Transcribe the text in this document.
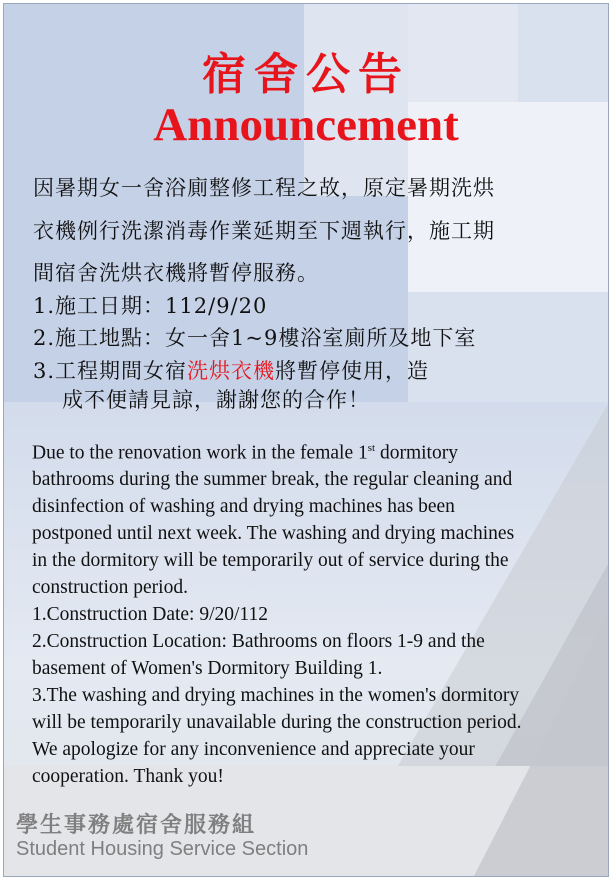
宿舍公告
Announcement
因暑期女一舍浴廁整修工程之故，原定暑期洗烘
衣機例行洗潔消毒作業延期至下週執行，施工期
間宿舍洗烘衣機將暫停服務。
1.施工日期：112/9/20
2.施工地點：女一舍1~9樓浴室廁所及地下室
3.工程期間女宿洗烘衣機將暫停使用，造
成不便請見諒，謝謝您的合作！
Due to the renovation work in the female 1st dormitory
bathrooms during the summer break, the regular cleaning and
disinfection of washing and drying machines has been
postponed until next week. The washing and drying machines
in the dormitory will be temporarily out of service during the
construction period.
1.Construction Date: 9/20/112
2.Construction Location: Bathrooms on floors 1-9 and the
basement of Women's Dormitory Building 1.
3.The washing and drying machines in the women's dormitory
will be temporarily unavailable during the construction period.
We apologize for any inconvenience and appreciate your
cooperation. Thank you!
學生事務處宿舍服務組
Student Housing Service Section
